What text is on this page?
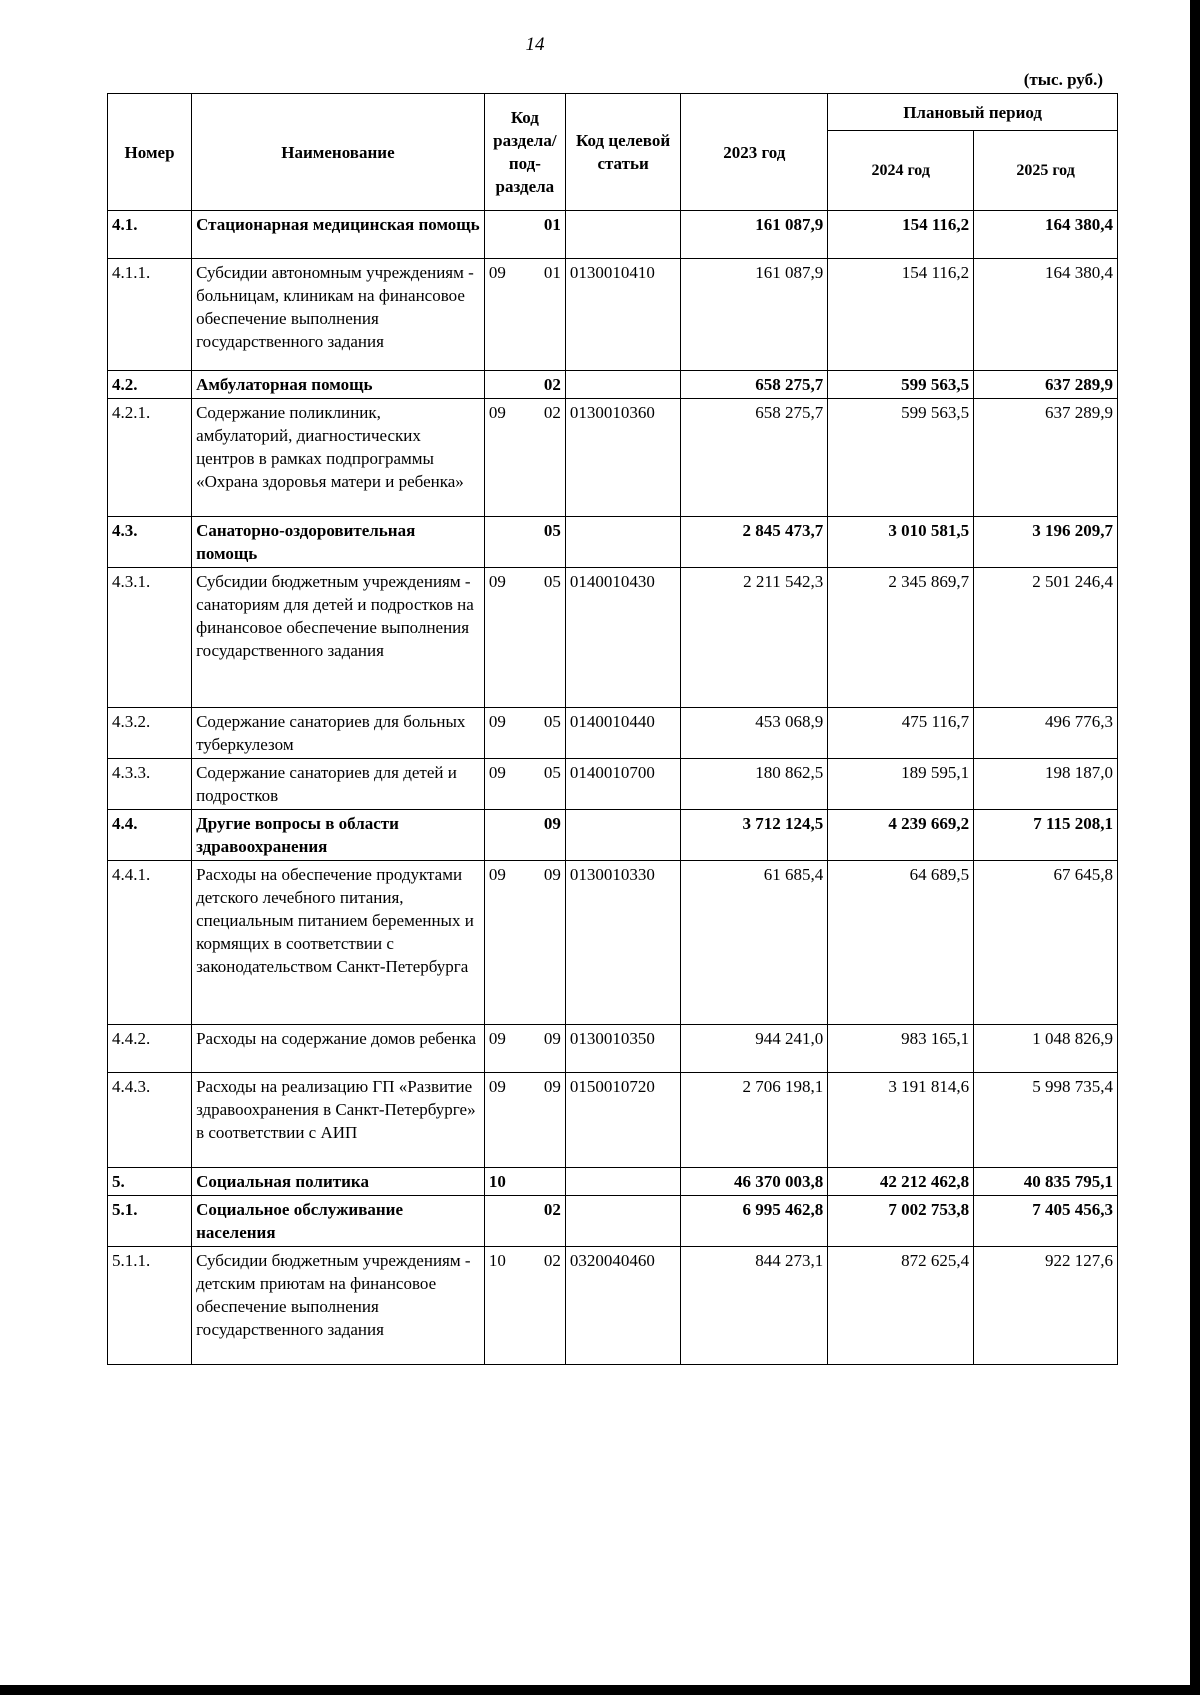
14
(тыс. руб.)
Номер	Наименование	Код раздела/ под-раздела	Код целевой статьи	2023 год	Плановый период	
					2024 год	2025 год
4.1.	Стационарная медицинская помощь	01		161 087,9	154 116,2	164 380,4
4.1.1.	Субсидии автономным учреждениям - больницам, клиникам на финансовое обеспечение выполнения государственного задания	09 01	0130010410	161 087,9	154 116,2	164 380,4
4.2.	Амбулаторная помощь	02		658 275,7	599 563,5	637 289,9
4.2.1.	Содержание поликлиник, амбулаторий, диагностических центров в рамках подпрограммы «Охрана здоровья матери и ребенка»	09 02	0130010360	658 275,7	599 563,5	637 289,9
4.3.	Санаторно-оздоровительная помощь	05		2 845 473,7	3 010 581,5	3 196 209,7
4.3.1.	Субсидии бюджетным учреждениям - санаториям для детей и подростков на финансовое обеспечение выполнения государственного задания	09 05	0140010430	2 211 542,3	2 345 869,7	2 501 246,4
4.3.2.	Содержание санаториев для больных туберкулезом	09 05	0140010440	453 068,9	475 116,7	496 776,3
4.3.3.	Содержание санаториев для детей и подростков	09 05	0140010700	180 862,5	189 595,1	198 187,0
4.4.	Другие вопросы в области здравоохранения	09		3 712 124,5	4 239 669,2	7 115 208,1
4.4.1.	Расходы на обеспечение продуктами детского лечебного питания, специальным питанием беременных и кормящих в соответствии с законодательством Санкт-Петербурга	09 09	0130010330	61 685,4	64 689,5	67 645,8
4.4.2.	Расходы на содержание домов ребенка	09 09	0130010350	944 241,0	983 165,1	1 048 826,9
4.4.3.	Расходы на реализацию ГП «Развитие здравоохранения в Санкт-Петербурге» в соответствии с АИП	09 09	0150010720	2 706 198,1	3 191 814,6	5 998 735,4
5.	Социальная политика	10		46 370 003,8	42 212 462,8	40 835 795,1
5.1.	Социальное обслуживание населения	02		6 995 462,8	7 002 753,8	7 405 456,3
5.1.1.	Субсидии бюджетным учреждениям - детским приютам на финансовое обеспечение выполнения государственного задания	10 02	0320040460	844 273,1	872 625,4	922 127,6
